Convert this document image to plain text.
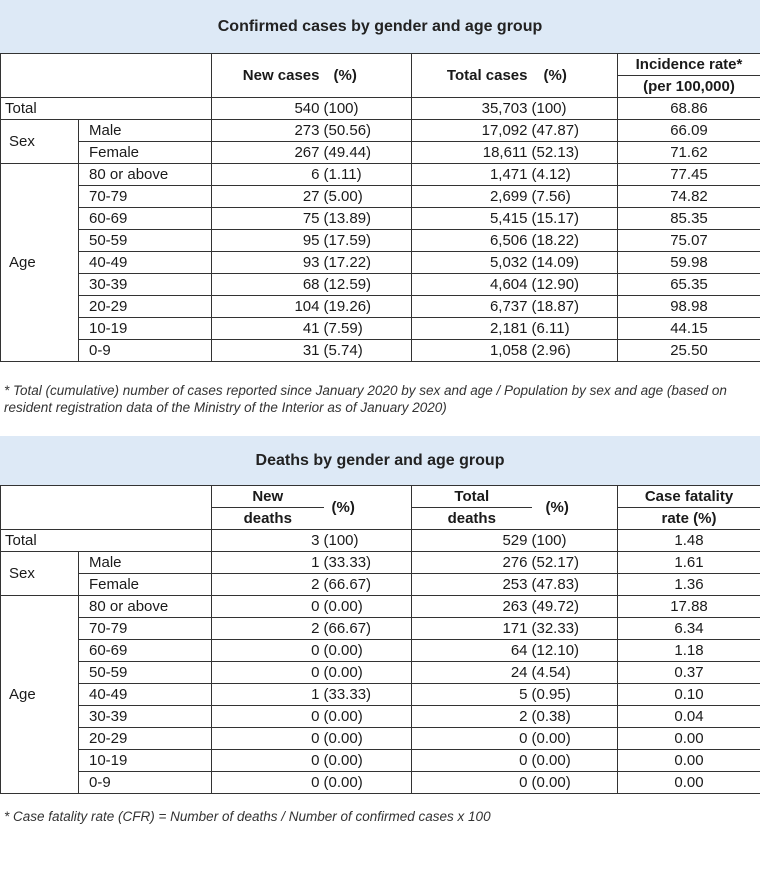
Confirmed cases by gender and age group
		New cases	(%)	Total cases	(%)	Incidence rate*
						(per 100,000)
Total		540	(100)	35,703	(100)	68.86
Sex	Male	273	(50.56)	17,092	(47.87)	66.09
	Female	267	(49.44)	18,611	(52.13)	71.62
Age	80 or above	6	(1.11)	1,471	(4.12)	77.45
	70-79	27	(5.00)	2,699	(7.56)	74.82
	60-69	75	(13.89)	5,415	(15.17)	85.35
	50-59	95	(17.59)	6,506	(18.22)	75.07
	40-49	93	(17.22)	5,032	(14.09)	59.98
	30-39	68	(12.59)	4,604	(12.90)	65.35
	20-29	104	(19.26)	6,737	(18.87)	98.98
	10-19	41	(7.59)	2,181	(6.11)	44.15
	0-9	31	(5.74)	1,058	(2.96)	25.50
* Total (cumulative) number of cases reported since January 2020 by sex and age / Population by sex and age (based on resident registration data of the Ministry of the Interior as of January 2020)
Deaths by gender and age group
		New	(%)	Total	(%)	Case fatality
		deaths		deaths		rate (%)
Total		3	(100)	529	(100)	1.48
Sex	Male	1	(33.33)	276	(52.17)	1.61
	Female	2	(66.67)	253	(47.83)	1.36
Age	80 or above	0	(0.00)	263	(49.72)	17.88
	70-79	2	(66.67)	171	(32.33)	6.34
	60-69	0	(0.00)	64	(12.10)	1.18
	50-59	0	(0.00)	24	(4.54)	0.37
	40-49	1	(33.33)	5	(0.95)	0.10
	30-39	0	(0.00)	2	(0.38)	0.04
	20-29	0	(0.00)	0	(0.00)	0.00
	10-19	0	(0.00)	0	(0.00)	0.00
	0-9	0	(0.00)	0	(0.00)	0.00
* Case fatality rate (CFR) = Number of deaths / Number of confirmed cases x 100
